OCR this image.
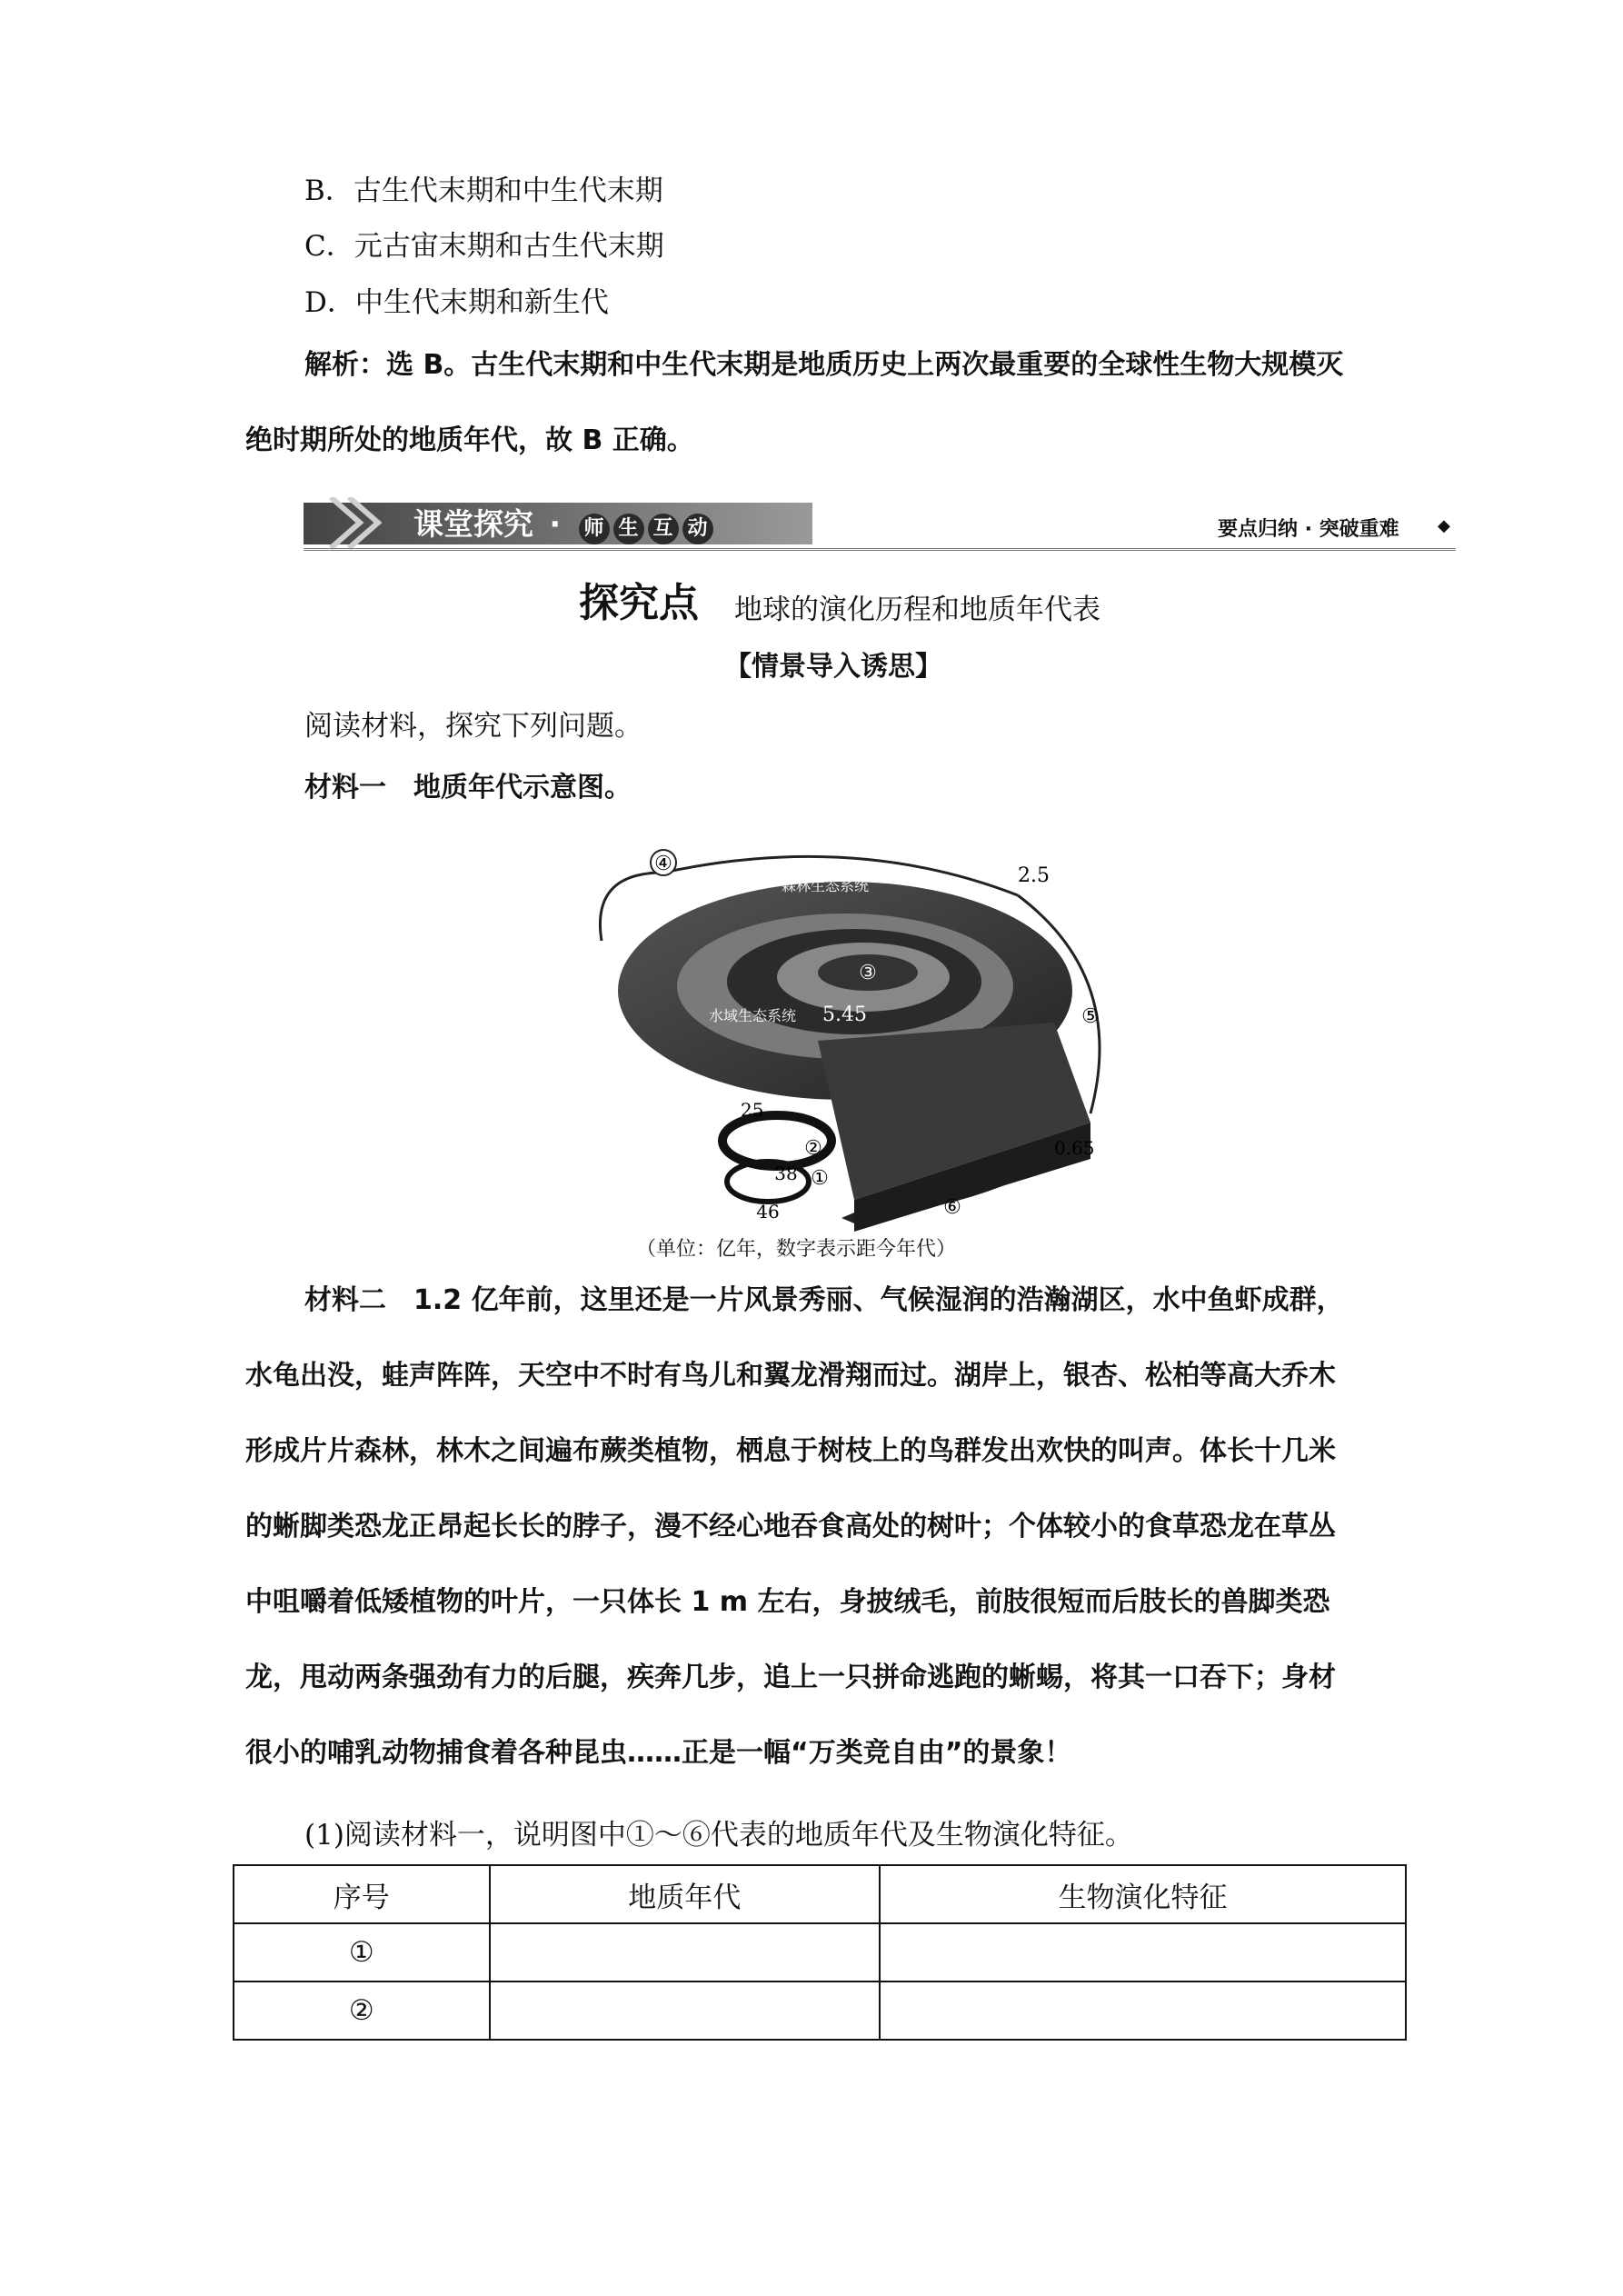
B．古生代末期和中生代末期
C．元古宙末期和古生代末期
D．中生代末期和新生代
解析：选 B。古生代末期和中生代末期是地质历史上两次最重要的全球性生物大规模灭
绝时期所处的地质年代，故 B 正确。
课堂探究 · 师 生 互 动	要点归纳 · 突破重难 ◆
探究点 地球的演化历程和地质年代表
【情景导入诱思】
阅读材料，探究下列问题。
材料一　地质年代示意图。
④
2.5
森林生态系统
③
水域生态系统 5.45	⑤
25
②
38 ①
0.65
46	⑥
（单位：亿年，数字表示距今年代）
材料二　1.2 亿年前，这里还是一片风景秀丽、气候湿润的浩瀚湖区，水中鱼虾成群，
水龟出没，蛙声阵阵，天空中不时有鸟儿和翼龙滑翔而过。湖岸上，银杏、松柏等高大乔木
形成片片森林，林木之间遍布蕨类植物，栖息于树枝上的鸟群发出欢快的叫声。体长十几米
的蜥脚类恐龙正昂起长长的脖子，漫不经心地吞食高处的树叶；个体较小的食草恐龙在草丛
中咀嚼着低矮植物的叶片，一只体长 1 m 左右，身披绒毛，前肢很短而后肢长的兽脚类恐
龙，甩动两条强劲有力的后腿，疾奔几步，追上一只拼命逃跑的蜥蜴，将其一口吞下；身材
很小的哺乳动物捕食着各种昆虫……正是一幅“万类竞自由”的景象！
(1)阅读材料一，说明图中①～⑥代表的地质年代及生物演化特征。
序号	地质年代	生物演化特征
①		
②		
